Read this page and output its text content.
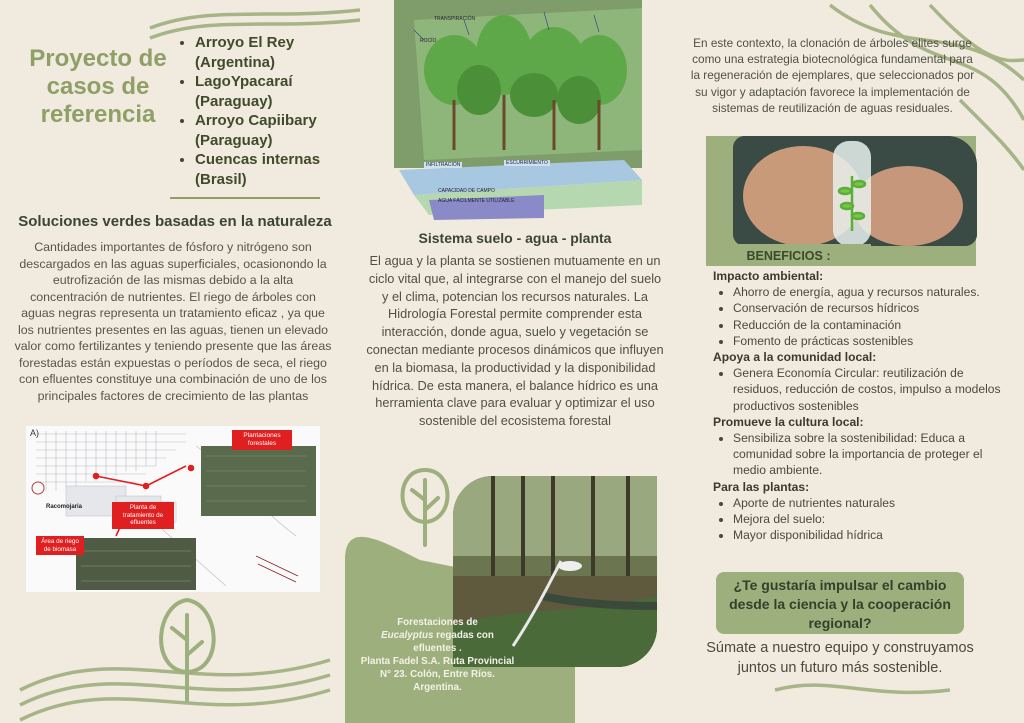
Proyecto de
casos de
referencia
• Arroyo El Rey (Argentina)
• LagoYpacaraí (Paraguay)
• Arroyo Capiibary (Paraguay)
• Cuencas internas (Brasil)
Soluciones verdes basadas en la naturaleza
Cantidades importantes de fósforo y nitrógeno son descargados en las aguas superficiales, ocasionondo la eutrofización de las mismas debido a la alta concentración de nutrientes. El riego de árboles con aguas negras representa un tratamiento eficaz , ya que los nutrientes presentes en las aguas, tienen un elevado valor como fertilizantes y teniendo presente que las áreas forestadas están expuestas o períodos de seca, el riego con efluentes constituye una combinación de uno de los principales factores de crecimiento de las plantas
A)
Racomojaria
Plantaciones forestales
Planta de tratamiento de efluentes
Área de riego de biomasa
INFILTRACIÓN	ESCURRIMIENTO
CAPACIDAD DE CAMPO
AGUA FÁCILMENTE UTILIZABLE
TRANSPIRACIÓN
ROCÍO
Sistema suelo - agua - planta
El agua y la planta se sostienen mutuamente en un ciclo vital que, al integrarse con el manejo del suelo y el clima, potencian los recursos naturales. La Hidrología Forestal permite comprender esta interacción, donde agua, suelo y vegetación se conectan mediante procesos dinámicos que influyen en la biomasa, la productividad y la disponibilidad hídrica. De esta manera, el balance hídrico es una herramienta clave para evaluar y optimizar el uso sostenible del ecosistema forestal
Forestaciones de
Eucalyptus regadas con efluentes .
Planta Fadel S.A. Ruta Provincial N° 23. Colón, Entre Ríos. Argentina.
En este contexto, la clonación de árboles elites surge como una estrategia biotecnológica fundamental para la regeneración de ejemplares, que seleccionados por su vigor y adaptación favorece la implementación de sistemas de reutilización de aguas residuales.
BENEFICIOS :
Impacto ambiental:
• Ahorro de energía, agua y recursos naturales.
• Conservación de recursos hídricos
• Reducción de la contaminación
• Fomento de prácticas sostenibles
Apoya a la comunidad local:
• Genera Economía Circular: reutilización de residuos, reducción de costos, impulso a modelos productivos sostenibles
Promueve la cultura local:
• Sensibiliza sobre la sostenibilidad: Educa a comunidad sobre la importancia de proteger el medio ambiente.
Para las plantas:
• Aporte de nutrientes naturales
• Mejora del suelo:
• Mayor disponibilidad hídrica
¿Te gustaría impulsar el cambio desde la ciencia y la cooperación regional?
Súmate a nuestro equipo y construyamos juntos un futuro más sostenible.
